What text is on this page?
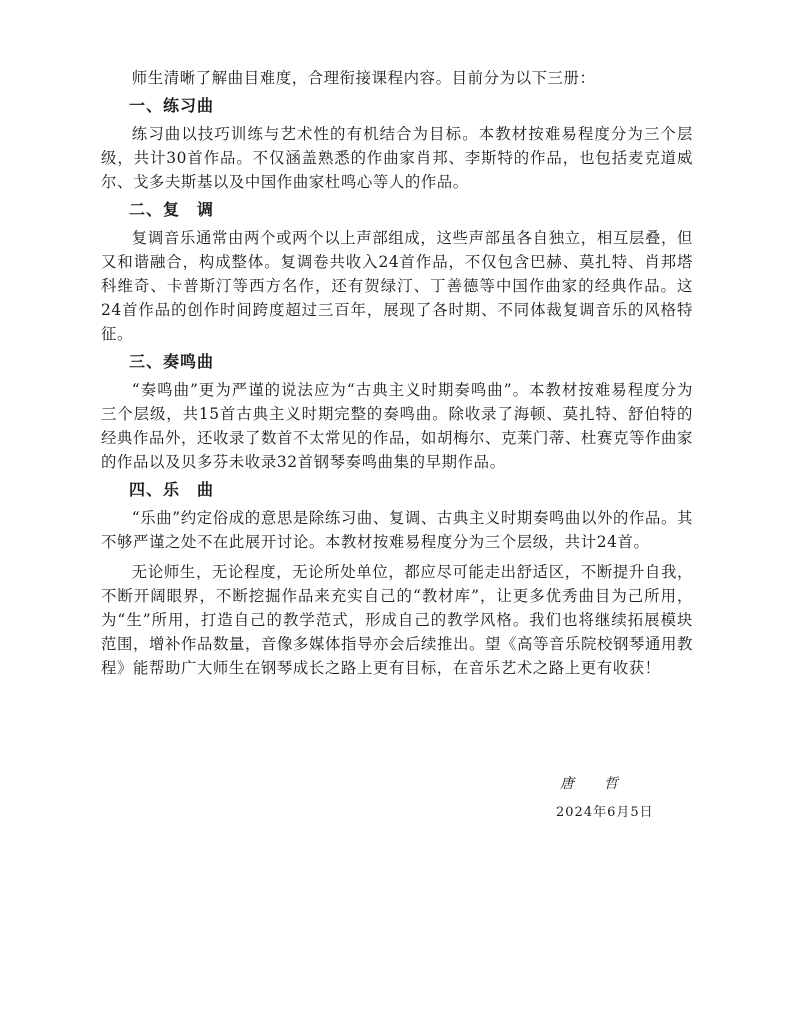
师生清晰了解曲目难度，合理衔接课程内容。目前分为以下三册：

一、练习曲

练习曲以技巧训练与艺术性的有机结合为目标。本教材按难易程度分为三个层级，共计30首作品。不仅涵盖熟悉的作曲家肖邦、李斯特的作品，也包括麦克道威尔、戈多夫斯基以及中国作曲家杜鸣心等人的作品。

二、复　调

复调音乐通常由两个或两个以上声部组成，这些声部虽各自独立，相互层叠，但又和谐融合，构成整体。复调卷共收入24首作品，不仅包含巴赫、莫扎特、肖邦塔科维奇、卡普斯汀等西方名作，还有贺绿汀、丁善德等中国作曲家的经典作品。这24首作品的创作时间跨度超过三百年，展现了各时期、不同体裁复调音乐的风格特征。

三、奏鸣曲

“奏鸣曲”更为严谨的说法应为“古典主义时期奏鸣曲”。本教材按难易程度分为三个层级，共15首古典主义时期完整的奏鸣曲。除收录了海顿、莫扎特、舒伯特的经典作品外，还收录了数首不太常见的作品，如胡梅尔、克莱门蒂、杜赛克等作曲家的作品以及贝多芬未收录32首钢琴奏鸣曲集的早期作品。

四、乐　曲

“乐曲”约定俗成的意思是除练习曲、复调、古典主义时期奏鸣曲以外的作品。其不够严谨之处不在此展开讨论。本教材按难易程度分为三个层级，共计24首。

无论师生，无论程度，无论所处单位，都应尽可能走出舒适区，不断提升自我，不断开阔眼界，不断挖掘作品来充实自己的“教材库”，让更多优秀曲目为己所用，为“生”所用，打造自己的教学范式，形成自己的教学风格。我们也将继续拓展模块范围，增补作品数量，音像多媒体指导亦会后续推出。望《高等音乐院校钢琴通用教程》能帮助广大师生在钢琴成长之路上更有目标，在音乐艺术之路上更有收获！

唐　哲
2024年6月5日
